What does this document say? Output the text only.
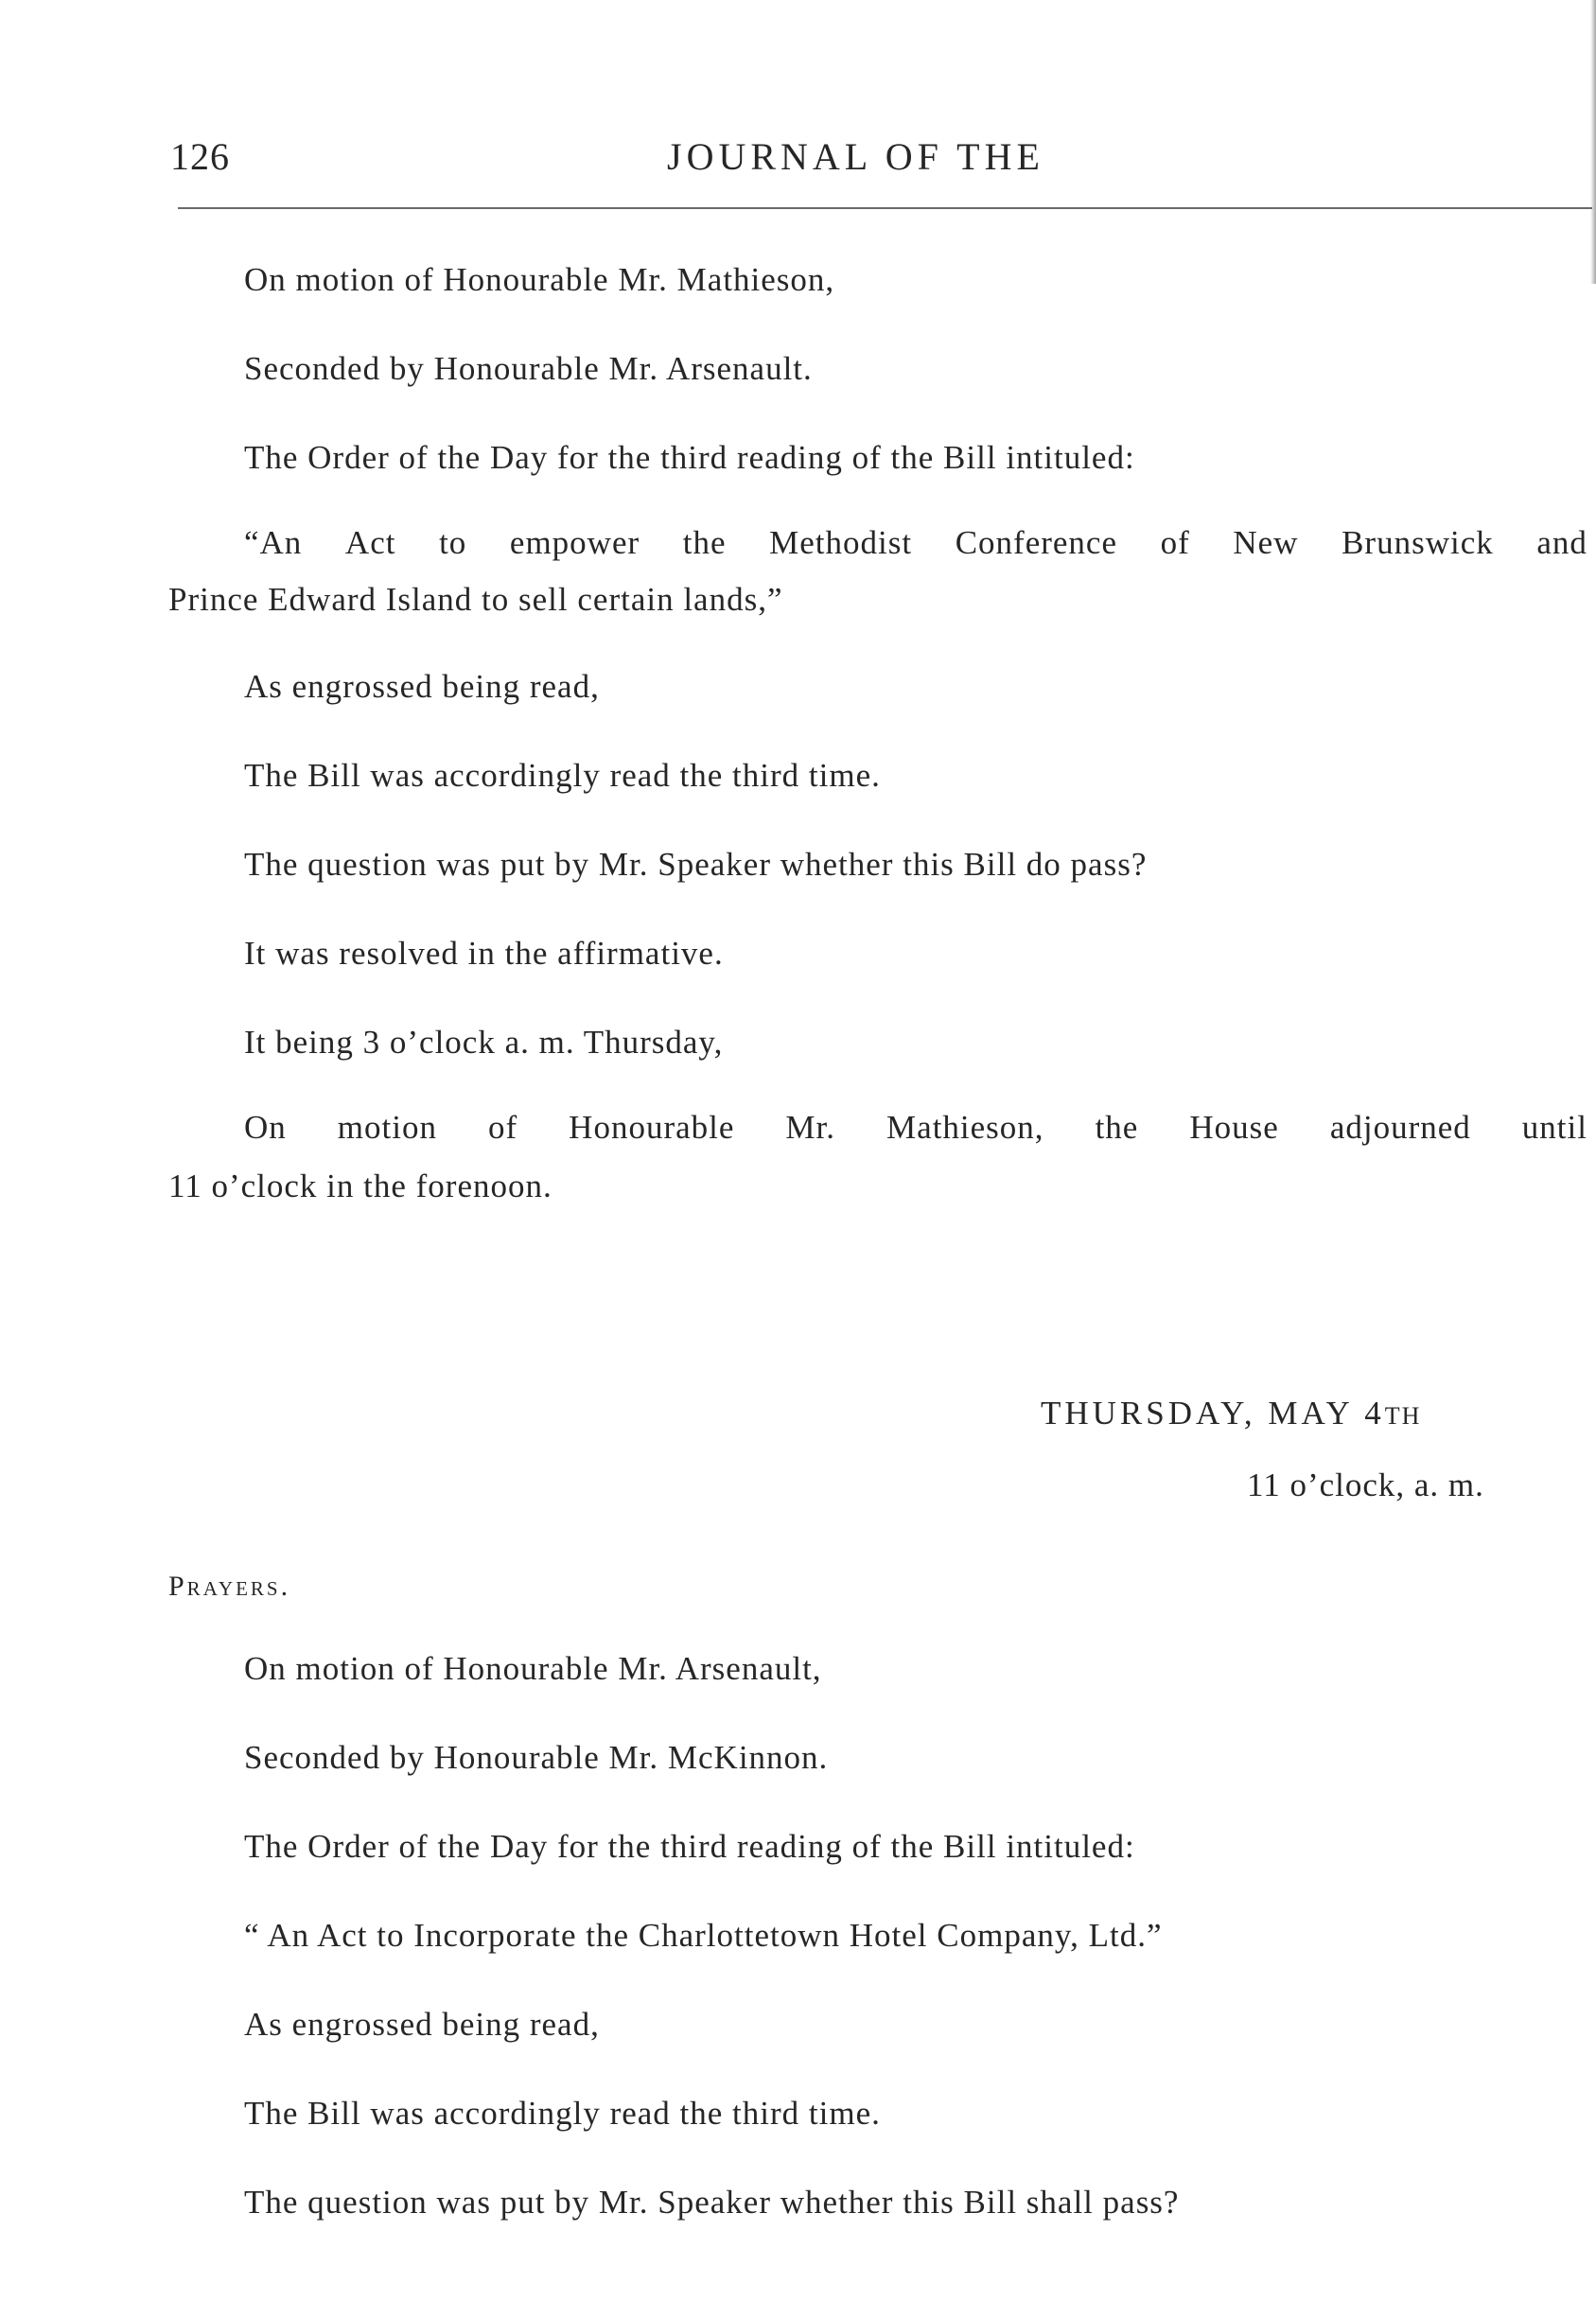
126	JOURNAL OF THE
On motion of Honourable Mr. Mathieson,
Seconded by Honourable Mr. Arsenault.
The Order of the Day for the third reading of the Bill intituled:
“An Act to empower the Methodist Conference of New Brunswick and
Prince Edward Island to sell certain lands,”
As engrossed being read,
The Bill was accordingly read the third time.
The question was put by Mr. Speaker whether this Bill do pass?
It was resolved in the affirmative.
It being 3 o’clock a. m. Thursday,
On motion of Honourable Mr. Mathieson, the House adjourned until
11 o’clock in the forenoon.
THURSDAY, MAY 4TH
11 o’clock, a. m.
Prayers.
On motion of Honourable Mr. Arsenault,
Seconded by Honourable Mr. McKinnon.
The Order of the Day for the third reading of the Bill intituled:
“ An Act to Incorporate the Charlottetown Hotel Company, Ltd.”
As engrossed being read,
The Bill was accordingly read the third time.
The question was put by Mr. Speaker whether this Bill shall pass?
